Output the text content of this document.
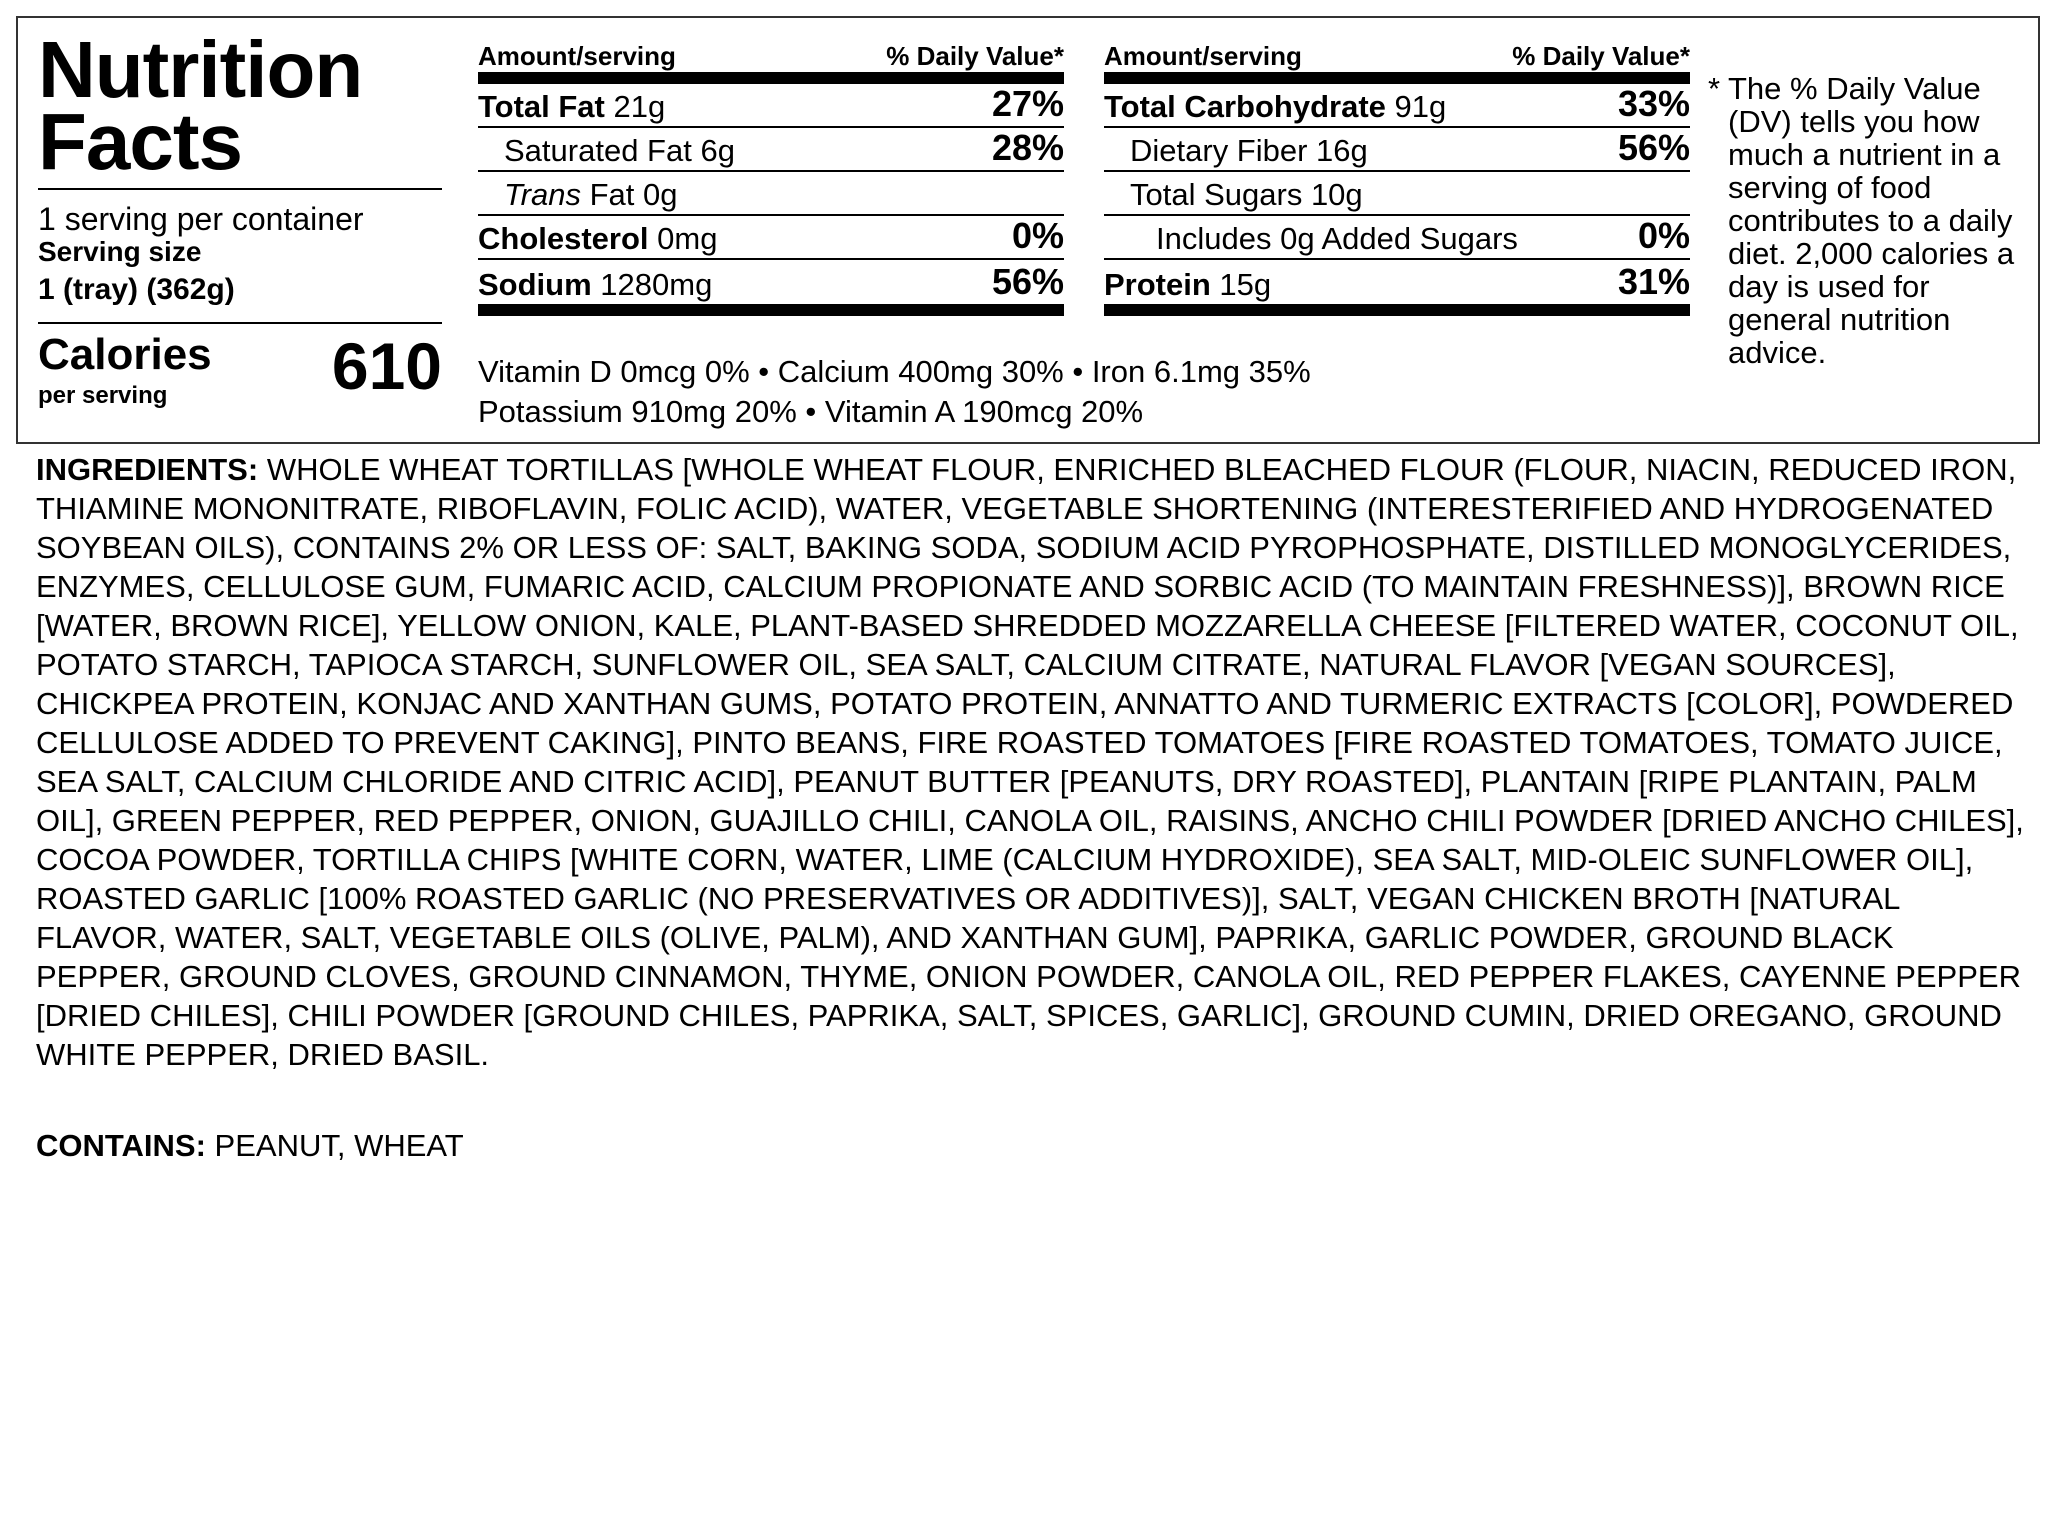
Nutrition
Facts
1 serving per container
Serving size
1 (tray) (362g)
Calories
per serving 610
Amount/serving	% Daily Value*
Total Fat 21g	27%
Saturated Fat 6g	28%
Trans Fat 0g
Cholesterol 0mg	0%
Sodium 1280mg	56%
Amount/serving	% Daily Value*
Total Carbohydrate 91g	33%
Dietary Fiber 16g	56%
Total Sugars 10g
Includes 0g Added Sugars	0%
Protein 15g	31%
Vitamin D 0mcg 0% • Calcium 400mg 30% • Iron 6.1mg 35%
Potassium 910mg 20% • Vitamin A 190mcg 20%
* The % Daily Value (DV) tells you how much a nutrient in a serving of food contributes to a daily diet. 2,000 calories a day is used for general nutrition advice.
INGREDIENTS: WHOLE WHEAT TORTILLAS [WHOLE WHEAT FLOUR, ENRICHED BLEACHED FLOUR (FLOUR, NIACIN, REDUCED IRON, THIAMINE MONONITRATE, RIBOFLAVIN, FOLIC ACID), WATER, VEGETABLE SHORTENING (INTERESTERIFIED AND HYDROGENATED SOYBEAN OILS), CONTAINS 2% OR LESS OF: SALT, BAKING SODA, SODIUM ACID PYROPHOSPHATE, DISTILLED MONOGLYCERIDES, ENZYMES, CELLULOSE GUM, FUMARIC ACID, CALCIUM PROPIONATE AND SORBIC ACID (TO MAINTAIN FRESHNESS)], BROWN RICE [WATER, BROWN RICE], YELLOW ONION, KALE, PLANT-BASED SHREDDED MOZZARELLA CHEESE [FILTERED WATER, COCONUT OIL, POTATO STARCH, TAPIOCA STARCH, SUNFLOWER OIL, SEA SALT, CALCIUM CITRATE, NATURAL FLAVOR [VEGAN SOURCES], CHICKPEA PROTEIN, KONJAC AND XANTHAN GUMS, POTATO PROTEIN, ANNATTO AND TURMERIC EXTRACTS [COLOR], POWDERED CELLULOSE ADDED TO PREVENT CAKING], PINTO BEANS, FIRE ROASTED TOMATOES [FIRE ROASTED TOMATOES, TOMATO JUICE, SEA SALT, CALCIUM CHLORIDE AND CITRIC ACID], PEANUT BUTTER [PEANUTS, DRY ROASTED], PLANTAIN [RIPE PLANTAIN, PALM OIL], GREEN PEPPER, RED PEPPER, ONION, GUAJILLO CHILI, CANOLA OIL, RAISINS, ANCHO CHILI POWDER [DRIED ANCHO CHILES], COCOA POWDER, TORTILLA CHIPS [WHITE CORN, WATER, LIME (CALCIUM HYDROXIDE), SEA SALT, MID-OLEIC SUNFLOWER OIL], ROASTED GARLIC [100% ROASTED GARLIC (NO PRESERVATIVES OR ADDITIVES)], SALT, VEGAN CHICKEN BROTH [NATURAL FLAVOR, WATER, SALT, VEGETABLE OILS (OLIVE, PALM), AND XANTHAN GUM], PAPRIKA, GARLIC POWDER, GROUND BLACK PEPPER, GROUND CLOVES, GROUND CINNAMON, THYME, ONION POWDER, CANOLA OIL, RED PEPPER FLAKES, CAYENNE PEPPER [DRIED CHILES], CHILI POWDER [GROUND CHILES, PAPRIKA, SALT, SPICES, GARLIC], GROUND CUMIN, DRIED OREGANO, GROUND WHITE PEPPER, DRIED BASIL.
CONTAINS: PEANUT, WHEAT
